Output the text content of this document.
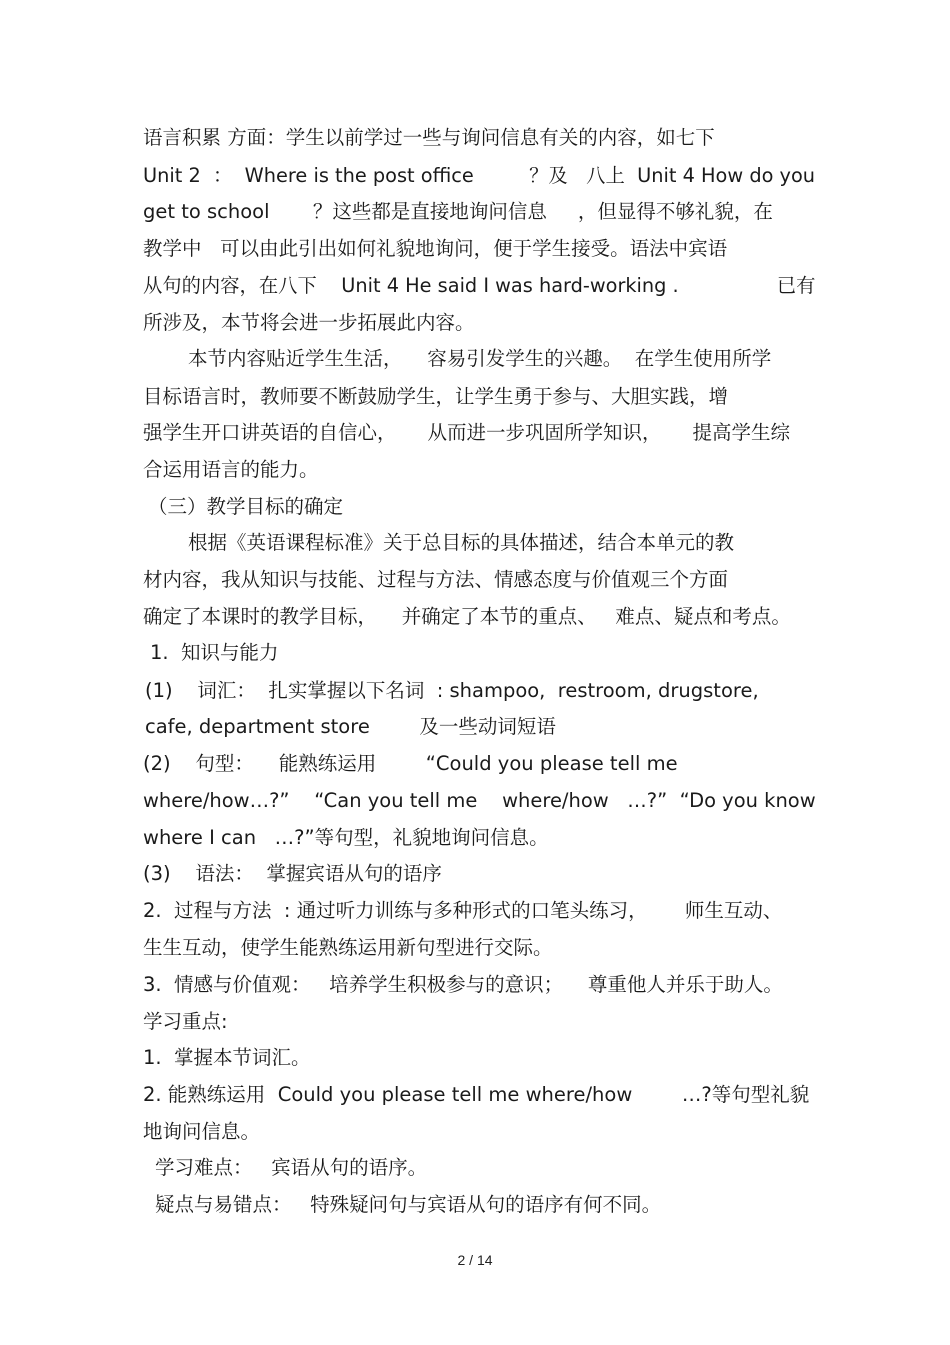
语言积累 方面：学生以前学过一些与询问信息有关的内容，如七下
Unit 2  ：  Where is the post office         ？及   八上  Unit 4 How do you
get to school       ？这些都是直接地询问信息     ，但显得不够礼貌，在
教学中   可以由此引出如何礼貌地询问，便于学生接受。语法中宾语
从句的内容，在八下    Unit 4 He said I was hard-working .                已有
所涉及，本节将会进一步拓展此内容。
本节内容贴近学生生活，    容易引发学生的兴趣。  在学生使用所学
目标语言时，教师要不断鼓励学生，让学生勇于参与、大胆实践，增
强学生开口讲英语的自信心，     从而进一步巩固所学知识，     提高学生综
合运用语言的能力。
（三）教学目标的确定
根据《英语课程标准》关于总目标的具体描述，结合本单元的教
材内容，我从知识与技能、过程与方法、情感态度与价值观三个方面
确定了本课时的教学目标，    并确定了本节的重点、   难点、疑点和考点。
1.  知识与能力
(1)    词汇：  扎实掌握以下名词  : shampoo,  restroom, drugstore,
cafe, department store        及一些动词短语
(2)    句型：    能熟练运用        “Could you please tell me
where/how…?”    “Can you tell me    where/how   …?”  “Do you know
where I can   …?”等句型，礼貌地询问信息。
(3)    语法：  掌握宾语从句的语序
2.  过程与方法  : 通过听力训练与多种形式的口笔头练习，      师生互动、
生生互动，使学生能熟练运用新句型进行交际。
3.  情感与价值观：   培养学生积极参与的意识；    尊重他人并乐于助人。
学习重点:
1.  掌握本节词汇。
2. 能熟练运用  Could you please tell me where/how        …?等句型礼貌
地询问信息。
学习难点：   宾语从句的语序。
疑点与易错点：   特殊疑问句与宾语从句的语序有何不同。
2 / 14
